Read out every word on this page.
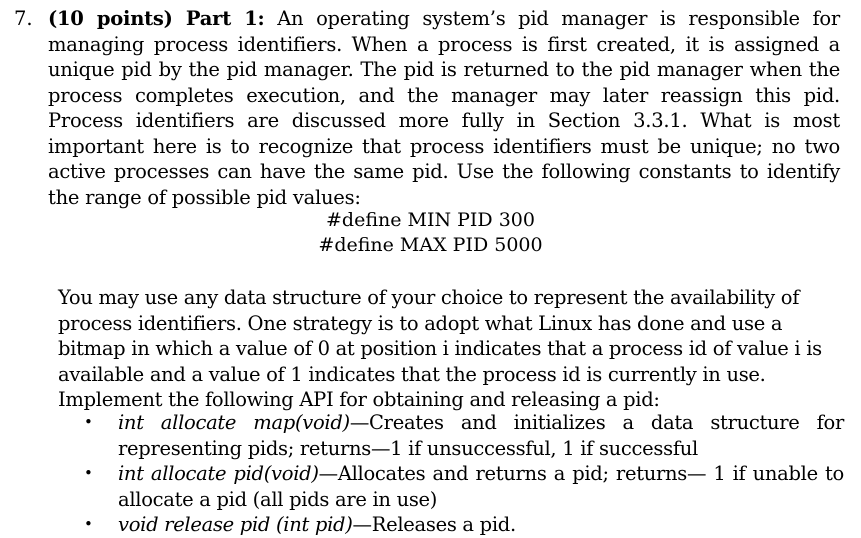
7. (10 points) Part 1: An operating system’s pid manager is responsible for managing process identifiers. When a process is first created, it is assigned a unique pid by the pid manager. The pid is returned to the pid manager when the process completes execution, and the manager may later reassign this pid. Process identifiers are discussed more fully in Section 3.3.1. What is most important here is to recognize that process identifiers must be unique; no two active processes can have the same pid. Use the following constants to identify the range of possible pid values:
#define MIN PID 300
#define MAX PID 5000
You may use any data structure of your choice to represent the availability of process identifiers. One strategy is to adopt what Linux has done and use a bitmap in which a value of 0 at position i indicates that a process id of value i is available and a value of 1 indicates that the process id is currently in use. Implement the following API for obtaining and releasing a pid:
•	int allocate map(void)—Creates and initializes a data structure for representing pids; returns—1 if unsuccessful, 1 if successful
•	int allocate pid(void)—Allocates and returns a pid; returns— 1 if unable to allocate a pid (all pids are in use)
•	void release pid (int pid)—Releases a pid.
